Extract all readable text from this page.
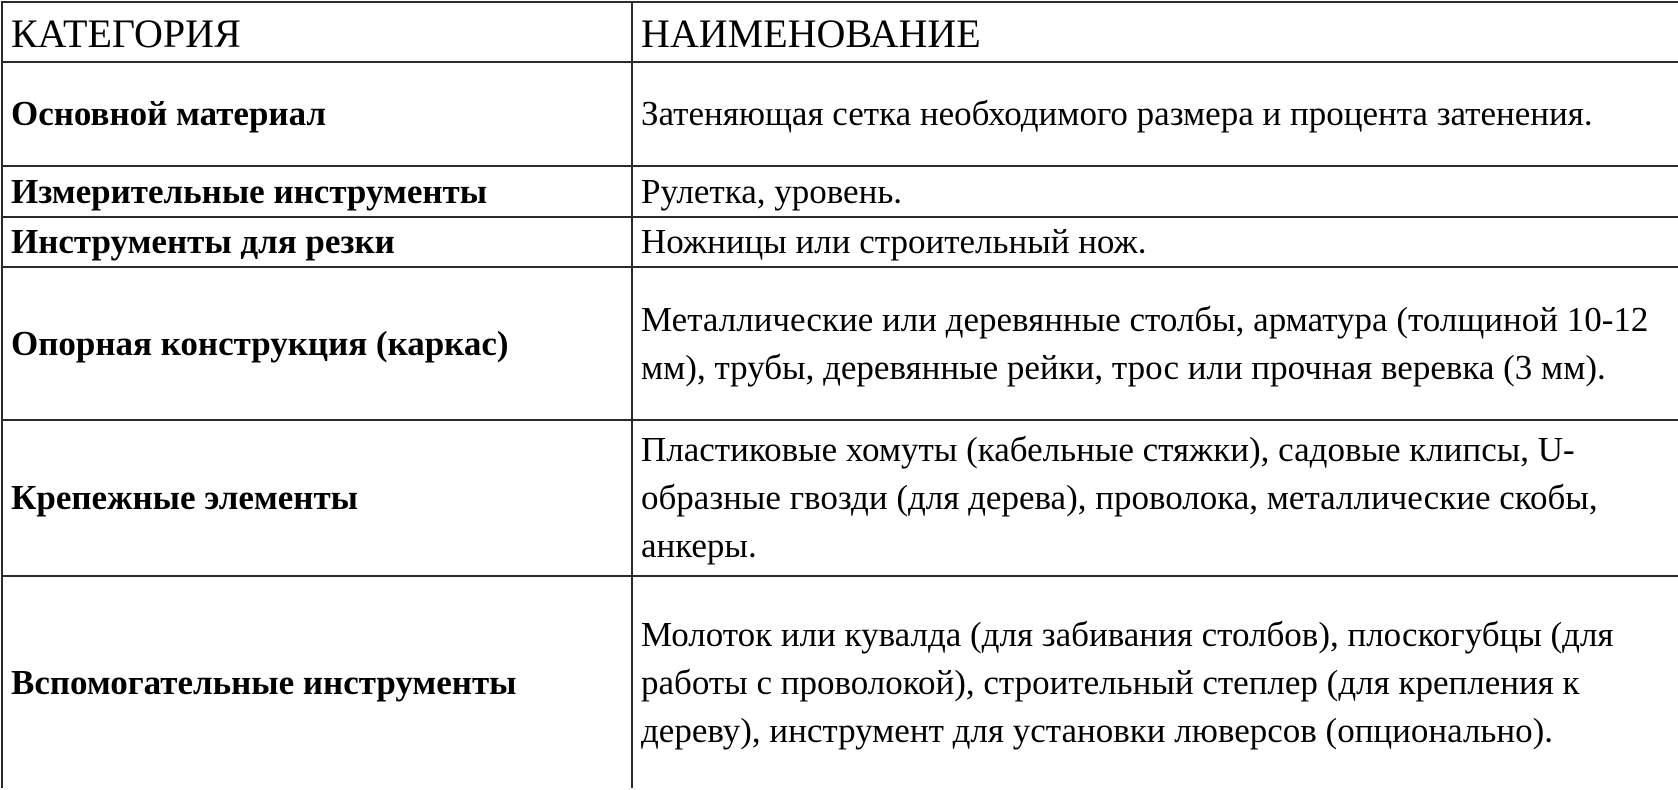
КАТЕГОРИЯ	НАИМЕНОВАНИЕ
Основной материал	Затеняющая сетка необходимого размера и процента затенения.
Измерительные инструменты	Рулетка, уровень.
Инструменты для резки	Ножницы или строительный нож.
Опорная конструкция (каркас)	Металлические или деревянные столбы, арматура (толщиной 10-12 мм), трубы, деревянные рейки, трос или прочная веревка (3 мм).
Крепежные элементы	Пластиковые хомуты (кабельные стяжки), садовые клипсы, U-образные гвозди (для дерева), проволока, металлические скобы, анкеры.
Вспомогательные инструменты	Молоток или кувалда (для забивания столбов), плоскогубцы (для работы с проволокой), строительный степлер (для крепления к дереву), инструмент для установки люверсов (опционально).
